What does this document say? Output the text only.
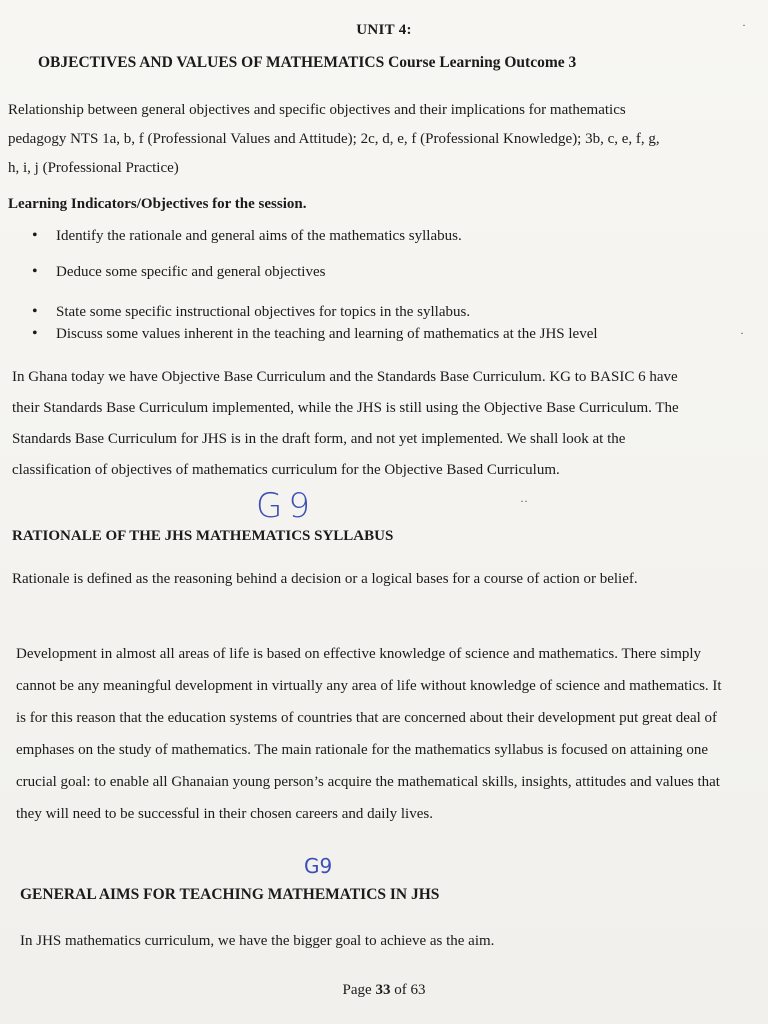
UNIT 4:
OBJECTIVES AND VALUES OF MATHEMATICS Course Learning Outcome 3
Relationship between general objectives and specific objectives and their implications for mathematics pedagogy NTS 1a, b, f (Professional Values and Attitude); 2c, d, e, f (Professional Knowledge); 3b, c, e, f, g, h, i, j (Professional Practice)
Learning Indicators/Objectives for the session.
• Identify the rationale and general aims of the mathematics syllabus.
• Deduce some specific and general objectives
• State some specific instructional objectives for topics in the syllabus.
• Discuss some values inherent in the teaching and learning of mathematics at the JHS level
In Ghana today we have Objective Base Curriculum and the Standards Base Curriculum. KG to BASIC 6 have their Standards Base Curriculum implemented, while the JHS is still using the Objective Base Curriculum. The Standards Base Curriculum for JHS is in the draft form, and not yet implemented. We shall look at the classification of objectives of mathematics curriculum for the Objective Based Curriculum.
G9
RATIONALE OF THE JHS MATHEMATICS SYLLABUS
Rationale is defined as the reasoning behind a decision or a logical bases for a course of action or belief.
Development in almost all areas of life is based on effective knowledge of science and mathematics. There simply cannot be any meaningful development in virtually any area of life without knowledge of science and mathematics. It is for this reason that the education systems of countries that are concerned about their development put great deal of emphases on the study of mathematics. The main rationale for the mathematics syllabus is focused on attaining one crucial goal: to enable all Ghanaian young person’s acquire the mathematical skills, insights, attitudes and values that they will need to be successful in their chosen careers and daily lives.
G9
GENERAL AIMS FOR TEACHING MATHEMATICS IN JHS
In JHS mathematics curriculum, we have the bigger goal to achieve as the aim.
Page 33 of 63
·
·
··
